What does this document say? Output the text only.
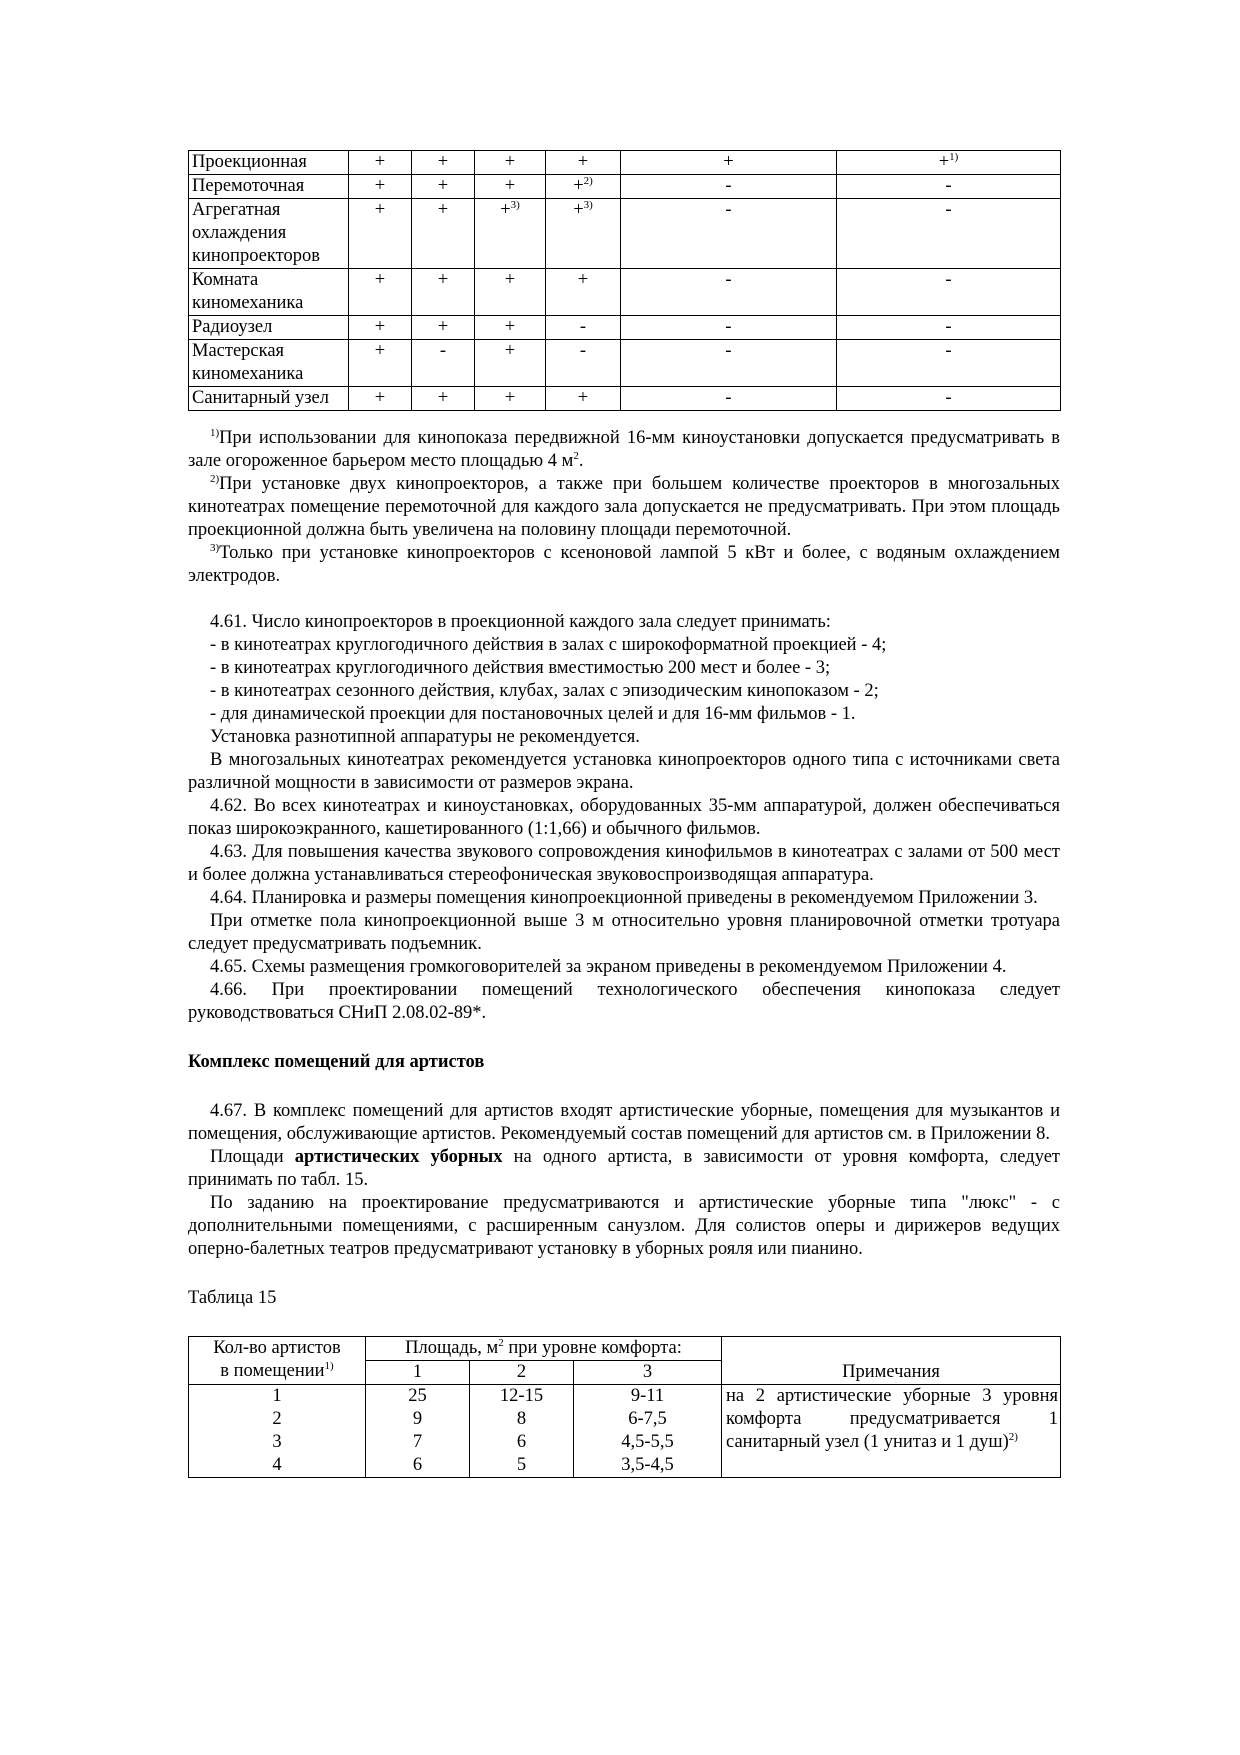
Проекционная	+	+	+	+	+	+$^{1)}$
Перемоточная	+	+	+	+$^{2)}$	-	-
Агрегатная охлаждения кинопроекторов	+	+	+$^{3)}$	+$^{3)}$	-	-
Комната киномеханика	+	+	+	+	-	-
Радиоузел	+	+	+	-	-	-
Мастерская киномеханика	+	-	+	-	-	-
Санитарный узел	+	+	+	+	-	-

$^{1)}$При использовании для кинопоказа передвижной 16-мм киноустановки допускается предусматривать в зале огороженное барьером место площадью 4 $м^2$.

$^{2)}$При установке двух кинопроекторов, а также при большем количестве проекторов в многозальных кинотеатрах помещение перемоточной для каждого зала допускается не предусматривать. При этом площадь проекционной должна быть увеличена на половину площади перемоточной.

$^{3)}$Только при установке кинопроекторов с ксеноновой лампой 5 кВт и более, с водяным охлаждением электродов.

4.61. Число кинопроекторов в проекционной каждого зала следует принимать:

- в кинотеатрах круглогодичного действия в залах с широкоформатной проекцией - 4;

- в кинотеатрах круглогодичного действия вместимостью 200 мест и более - 3;

- в кинотеатрах сезонного действия, клубах, залах с эпизодическим кинопоказом - 2;

- для динамической проекции для постановочных целей и для 16-мм фильмов - 1.

Установка разнотипной аппаратуры не рекомендуется.

В многозальных кинотеатрах рекомендуется установка кинопроекторов одного типа с источниками света различной мощности в зависимости от размеров экрана.

4.62. Во всех кинотеатрах и киноустановках, оборудованных 35-мм аппаратурой, должен обеспечиваться показ широкоэкранного, кашетированного (1:1,66) и обычного фильмов.

4.63. Для повышения качества звукового сопровождения кинофильмов в кинотеатрах с залами от 500 мест и более должна устанавливаться стереофоническая звуковоспроизводящая аппаратура.

4.64. Планировка и размеры помещения кинопроекционной приведены в рекомендуемом Приложении 3.

При отметке пола кинопроекционной выше 3 м относительно уровня планировочной отметки тротуара следует предусматривать подъемник.

4.65. Схемы размещения громкоговорителей за экраном приведены в рекомендуемом Приложении 4.

4.66. При проектировании помещений технологического обеспечения кинопоказа следует руководствоваться СНиП 2.08.02-89*.

Комплекс помещений для артистов

4.67. В комплекс помещений для артистов входят артистические уборные, помещения для музыкантов и помещения, обслуживающие артистов. Рекомендуемый состав помещений для артистов см. в Приложении 8.

Площади артистических уборных на одного артиста, в зависимости от уровня комфорта, следует принимать по табл. 15.

По заданию на проектирование предусматриваются и артистические уборные типа "люкс" - с дополнительными помещениями, с расширенным санузлом. Для солистов оперы и дирижеров ведущих оперно-балетных театров предусматривают установку в уборных рояля или пианино.

Таблица 15

Кол-во артистов
в помещении$^{1)}$	Площадь, $м^2$ при уровне комфорта:			Примечания
	1	2	3	
1	25	12-15	9-11	на 2 артистические уборные 3 уровня
комфорта предусматривается 1
санитарный узел (1 унитаз и 1 душ)$^{2)}$

2	9	8	6-7,5	
3	7	6	4,5-5,5	
4	6	5	3,5-4,5	
